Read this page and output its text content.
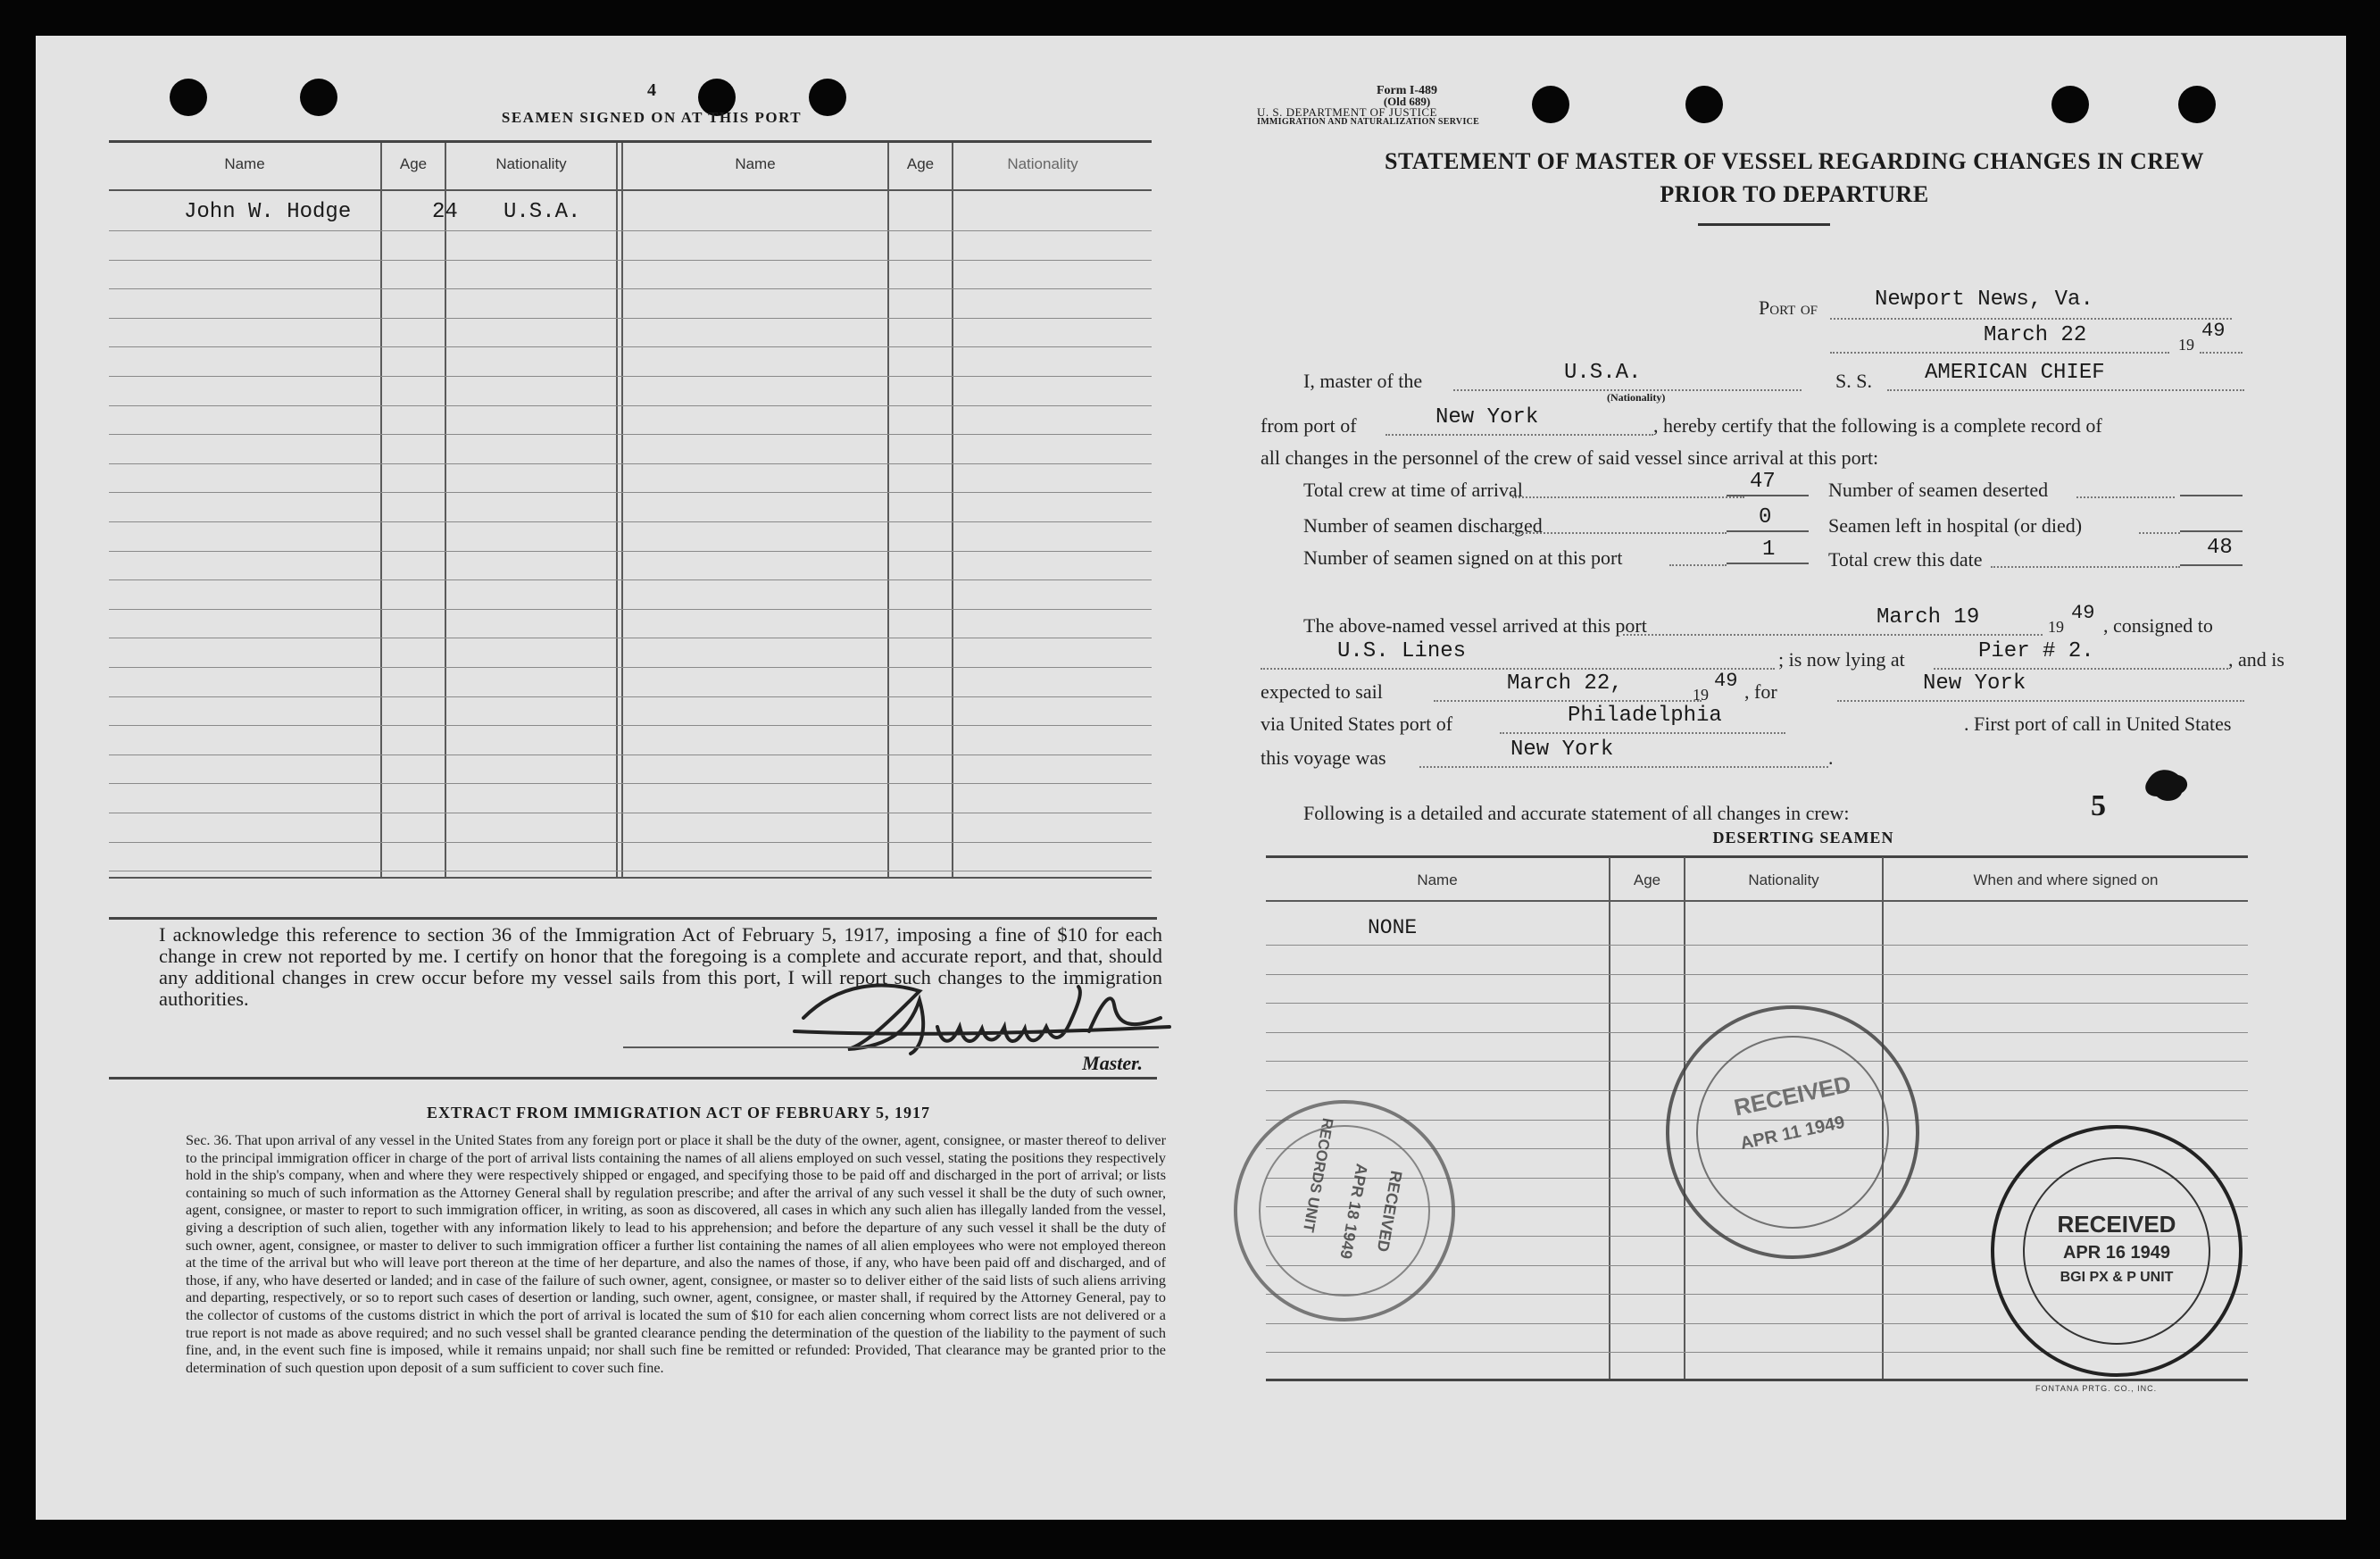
4
SEAMEN SIGNED ON AT THIS PORT
Name	Age	Nationality	Name	Age	Nationality
John W. Hodge	24 U.S.A.
I acknowledge this reference to section 36 of the Immigration Act of February 5, 1917, imposing a fine of $10 for each change in crew not reported by me. I certify on honor that the foregoing is a complete and accurate report, and that, should any additional changes in crew occur before my vessel sails from this port, I will report such changes to the immigration authorities.
Master.
EXTRACT FROM IMMIGRATION ACT OF FEBRUARY 5, 1917
Sec. 36. That upon arrival of any vessel in the United States from any foreign port or place it shall be the duty of the owner, agent, consignee, or master thereof to deliver to the principal immigration officer in charge of the port of arrival lists containing the names of all aliens employed on such vessel, stating the positions they respectively hold in the ship's company, when and where they were respectively shipped or engaged, and specifying those to be paid off and discharged in the port of arrival; or lists containing so much of such information as the Attorney General shall by regulation prescribe; and after the arrival of any such vessel it shall be the duty of such owner, agent, consignee, or master to report to such immigration officer, in writing, as soon as discovered, all cases in which any such alien has illegally landed from the vessel, giving a description of such alien, together with any information likely to lead to his apprehension; and before the departure of any such vessel it shall be the duty of such owner, agent, consignee, or master to deliver to such immigration officer a further list containing the names of all alien employees who were not employed thereon at the time of the arrival but who will leave port thereon at the time of her departure, and also the names of those, if any, who have been paid off and discharged, and of those, if any, who have deserted or landed; and in case of the failure of such owner, agent, consignee, or master so to deliver either of the said lists of such aliens arriving and departing, respectively, or so to report such cases of desertion or landing, such owner, agent, consignee, or master shall, if required by the Attorney General, pay to the collector of customs of the customs district in which the port of arrival is located the sum of $10 for each alien concerning whom correct lists are not delivered or a true report is not made as above required; and no such vessel shall be granted clearance pending the determination of the question of the liability to the payment of such fine, and, in the event such fine is imposed, while it remains unpaid; nor shall such fine be remitted or refunded: Provided, That clearance may be granted prior to the determination of such question upon deposit of a sum sufficient to cover such fine.
Form I-489
(Old 689)
U. S. DEPARTMENT OF JUSTICE
IMMIGRATION AND NATURALIZATION SERVICE
STATEMENT OF MASTER OF VESSEL REGARDING CHANGES IN CREW
PRIOR TO DEPARTURE
Port of	Newport News, Va.
March 22	19
49
I, master of the	U.S.A.
(Nationality)
S. S. AMERICAN CHIEF
from port of	New York	, hereby certify that the following is a complete record of
all changes in the personnel of the crew of said vessel since arrival at this port:
Total crew at time of arrival	47
Number of seamen discharged	0
Number of seamen signed on at this port	1
Number of seamen deserted
Seamen left in hospital (or died)
Total crew this date	48
The above-named vessel arrived at this port	March 19	19
49
, consigned to
U.S. Lines	; is now lying at	Pier # 2.	, and is
expected to sail	March 22,	19
49 , for	New York
via United States port of	Philadelphia	. First port of call in United States
this voyage was	New York	.
Following is a detailed and accurate statement of all changes in crew:	5
DESERTING SEAMEN
Name	Age	Nationality	When and where signed on
NONE
FONTANA PRTG. CO., INC.
RECORDS UNIT APR 18 1949 RECEIVED
RECEIVED
APR 11 1949
RECEIVED
APR 16 1949
BGI PX & P UNIT
